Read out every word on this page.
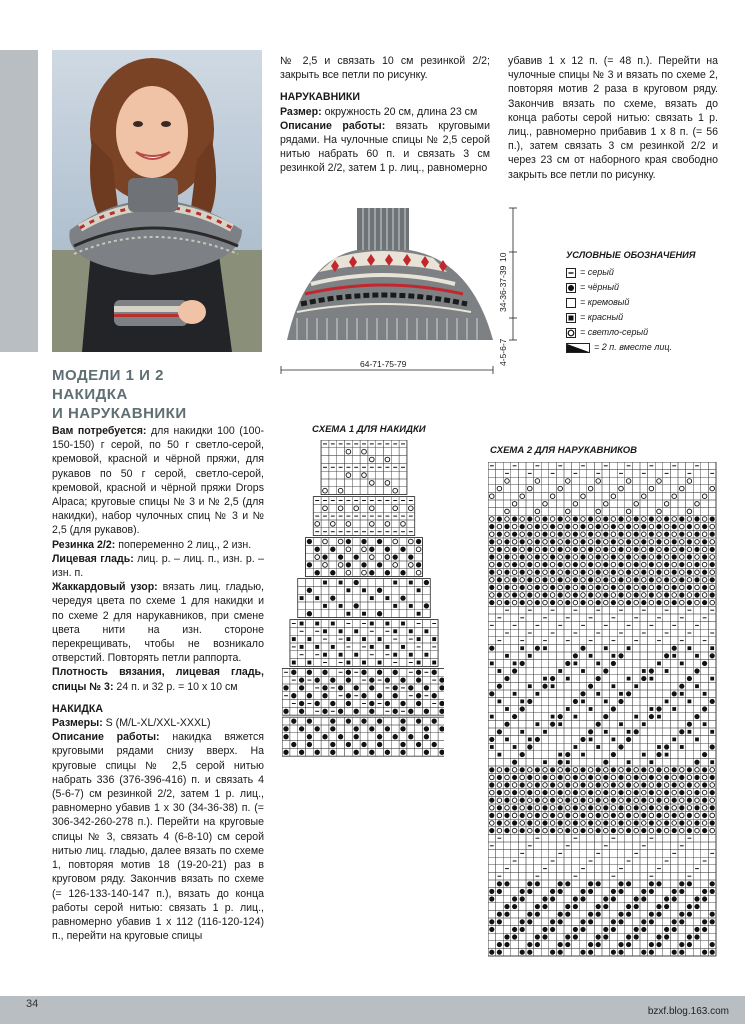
МОДЕЛИ 1 И 2
НАКИДКА
И НАРУКАВНИКИ

Вам потребуется: для накидки 100 (100-150-150) г серой, по 50 г светло-серой, кремовой, красной и чёрной пряжи, для рукавов по 50 г серой, светло-серой, кремовой, красной и чёрной пряжи Drops Alpaca; круговые спицы № 3 и № 2,5 (для накидки), набор чулочных спиц № 3 и № 2,5 (для рукавов).

Резинка 2/2: попеременно 2 лиц., 2 изн.

Лицевая гладь: лиц. р. – лиц. п., изн. р. – изн. п.

Жаккардовый узор: вязать лиц. гладью, чередуя цвета по схеме 1 для накидки и по схеме 2 для нарукавников, при смене цвета нити на изн. стороне перекрещивать, чтобы не возникало отверстий. Повторять петли раппорта.

Плотность вязания, лицевая гладь, спицы № 3: 24 п. и 32 р. = 10 х 10 см

НАКИДКА

Размеры: S (M/L-XL/XXL-XXXL)

Описание работы: накидка вяжется круговыми рядами снизу вверх. На круговые спицы № 2,5 серой нитью набрать 336 (376-396-416) п. и связать 4 (5-6-7) см резинкой 2/2, затем 1 р. лиц., равномерно убавив 1 х 30 (34-36-38) п. (= 306-342-260-278 п.). Перейти на круговые спицы № 3, связать 4 (6-8-10) см серой нитью лиц. гладью, далее вязать по схеме 1, повторяя мотив 18 (19-20-21) раз в круговом ряду. Закончив вязать по схеме (= 126-133-140-147 п.), вязать до конца работы серой нитью: связать 1 р. лиц., равномерно убавив 1 х 112 (116-120-124) п., перейти на круговые спицы

№ 2,5 и связать 10 см резинкой 2/2; закрыть все петли по рисунку.

НАРУКАВНИКИ

Размер: окружность 20 см, длина 23 см

Описание работы: вязать круговыми рядами. На чулочные спицы № 2,5 серой нитью набрать 60 п. и связать 3 см резинкой 2/2, затем 1 р. лиц., равномерно

убавив 1 х 12 п. (= 48 п.). Перейти на чулочные спицы № 3 и вязать по схеме 2, повторяя мотив 2 раза в круговом ряду. Закончив вязать по схеме, вязать до конца работы серой нитью: связать 1 р. лиц., равномерно прибавив 1 х 8 п. (= 56 п.), затем связать 3 см резинкой 2/2 и через 23 см от наборного края свободно закрыть все петли по рисунку.

64-71-75-79
10
34-36-37-39
4-5-6-7
УСЛОВНЫЕ ОБОЗНАЧЕНИЯ
= серый
= чёрный
= кремовый
= красный
= светло-серый
= 2 п. вместе лиц.
СХЕМА 1 ДЛЯ НАКИДКИ
СХЕМА 2 ДЛЯ НАРУКАВНИКОВ
34
bzxf.blog.163.com
